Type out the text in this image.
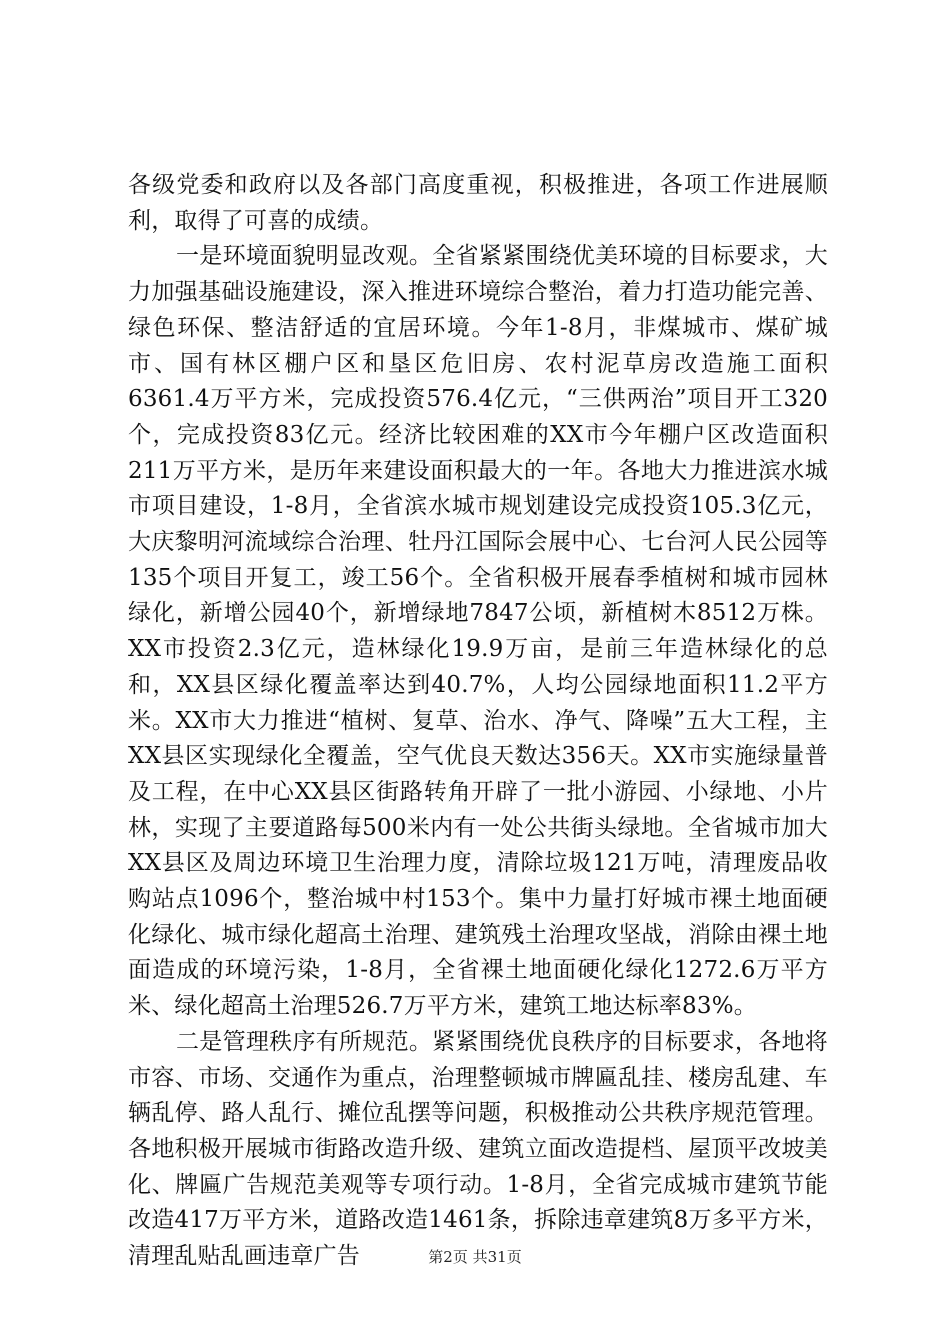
各级党委和政府以及各部门高度重视，积极推进，各项工作进展顺利，取得了可喜的成绩。

一是环境面貌明显改观。全省紧紧围绕优美环境的目标要求，大力加强基础设施建设，深入推进环境综合整治，着力打造功能完善、绿色环保、整洁舒适的宜居环境。今年1-8月，非煤城市、煤矿城市、国有林区棚户区和垦区危旧房、农村泥草房改造施工面积6361.4万平方米，完成投资576.4亿元，“三供两治”项目开工320个，完成投资83亿元。经济比较困难的XX市今年棚户区改造面积211万平方米，是历年来建设面积最大的一年。各地大力推进滨水城市项目建设，1-8月，全省滨水城市规划建设完成投资105.3亿元，大庆黎明河流域综合治理、牡丹江国际会展中心、七台河人民公园等135个项目开复工，竣工56个。全省积极开展春季植树和城市园林绿化，新增公园40个，新增绿地7847公顷，新植树木8512万株。XX市投资2.3亿元，造林绿化19.9万亩，是前三年造林绿化的总和，XX县区绿化覆盖率达到40.7%，人均公园绿地面积11.2平方米。XX市大力推进“植树、复草、治水、净气、降噪”五大工程，主XX县区实现绿化全覆盖，空气优良天数达356天。XX市实施绿量普及工程，在中心XX县区街路转角开辟了一批小游园、小绿地、小片林，实现了主要道路每500米内有一处公共街头绿地。全省城市加大XX县区及周边环境卫生治理力度，清除垃圾121万吨，清理废品收购站点1096个，整治城中村153个。集中力量打好城市裸土地面硬化绿化、城市绿化超高土治理、建筑残土治理攻坚战，消除由裸土地面造成的环境污染，1-8月，全省裸土地面硬化绿化1272.6万平方米、绿化超高土治理526.7万平方米，建筑工地达标率83%。

二是管理秩序有所规范。紧紧围绕优良秩序的目标要求，各地将市容、市场、交通作为重点，治理整顿城市牌匾乱挂、楼房乱建、车辆乱停、路人乱行、摊位乱摆等问题，积极推动公共秩序规范管理。各地积极开展城市街路改造升级、建筑立面改造提档、屋顶平改坡美化、牌匾广告规范美观等专项行动。1-8月，全省完成城市建筑节能改造417万平方米，道路改造1461条，拆除违章建筑8万多平方米，清理乱贴乱画违章广告	第2页 共31页
